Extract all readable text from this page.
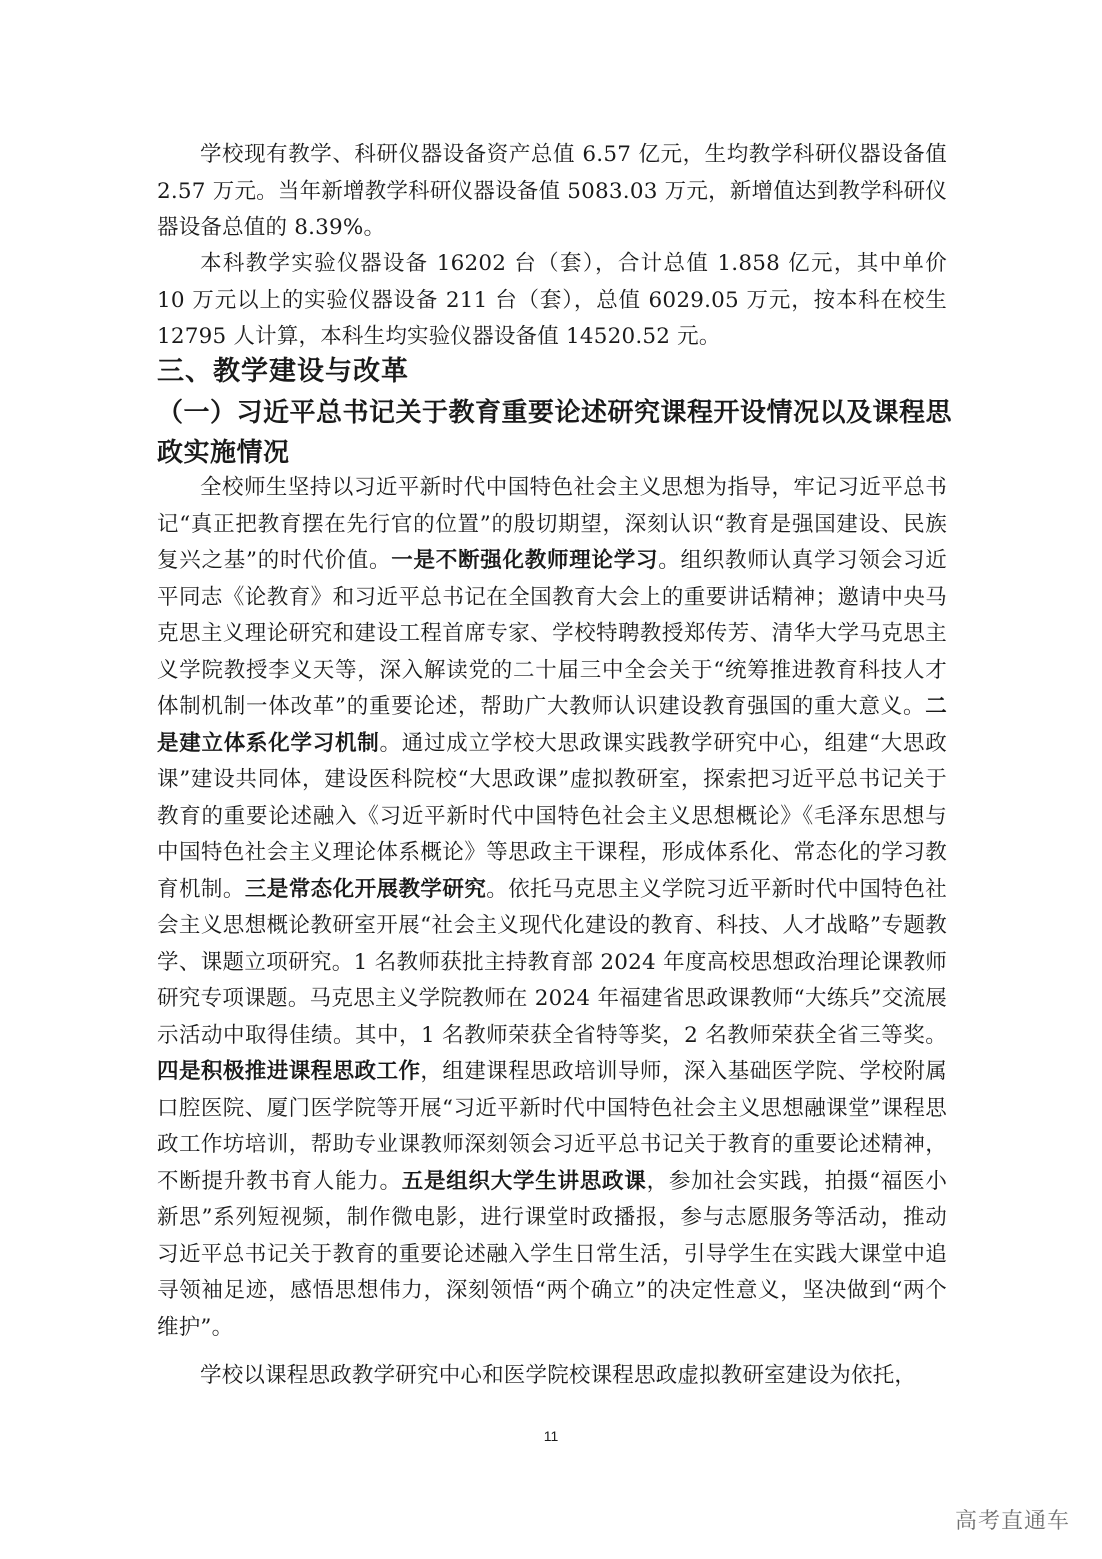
学校现有教学、科研仪器设备资产总值 6.57 亿元，生均教学科研仪器设备值 2.57 万元。当年新增教学科研仪器设备值 5083.03 万元，新增值达到教学科研仪器设备总值的 8.39%。

本科教学实验仪器设备 16202 台（套），合计总值 1.858 亿元，其中单价 10 万元以上的实验仪器设备 211 台（套），总值 6029.05 万元，按本科在校生 12795 人计算，本科生均实验仪器设备值 14520.52 元。

三、教学建设与改革
（一）习近平总书记关于教育重要论述研究课程开设情况以及课程思政实施情况

全校师生坚持以习近平新时代中国特色社会主义思想为指导，牢记习近平总书记“真正把教育摆在先行官的位置”的殷切期望，深刻认识“教育是强国建设、民族复兴之基”的时代价值。一是不断强化教师理论学习。组织教师认真学习领会习近平同志《论教育》和习近平总书记在全国教育大会上的重要讲话精神；邀请中央马克思主义理论研究和建设工程首席专家、学校特聘教授郑传芳、清华大学马克思主义学院教授李义天等，深入解读党的二十届三中全会关于“统筹推进教育科技人才体制机制一体改革”的重要论述，帮助广大教师认识建设教育强国的重大意义。二是建立体系化学习机制。通过成立学校大思政课实践教学研究中心，组建“大思政课”建设共同体，建设医科院校“大思政课”虚拟教研室，探索把习近平总书记关于教育的重要论述融入《习近平新时代中国特色社会主义思想概论》《毛泽东思想与中国特色社会主义理论体系概论》等思政主干课程，形成体系化、常态化的学习教育机制。三是常态化开展教学研究。依托马克思主义学院习近平新时代中国特色社会主义思想概论教研室开展“社会主义现代化建设的教育、科技、人才战略”专题教学、课题立项研究。1 名教师获批主持教育部 2024 年度高校思想政治理论课教师研究专项课题。马克思主义学院教师在 2024 年福建省思政课教师“大练兵”交流展示活动中取得佳绩。其中，1 名教师荣获全省特等奖，2 名教师荣获全省三等奖。四是积极推进课程思政工作，组建课程思政培训导师，深入基础医学院、学校附属口腔医院、厦门医学院等开展“习近平新时代中国特色社会主义思想融课堂”课程思政工作坊培训，帮助专业课教师深刻领会习近平总书记关于教育的重要论述精神，不断提升教书育人能力。五是组织大学生讲思政课，参加社会实践，拍摄“福医小新思”系列短视频，制作微电影，进行课堂时政播报，参与志愿服务等活动，推动习近平总书记关于教育的重要论述融入学生日常生活，引导学生在实践大课堂中追寻领袖足迹，感悟思想伟力，深刻领悟“两个确立”的决定性意义，坚决做到“两个维护”。

学校以课程思政教学研究中心和医学院校课程思政虚拟教研室建设为依托，

11
高考直通车
